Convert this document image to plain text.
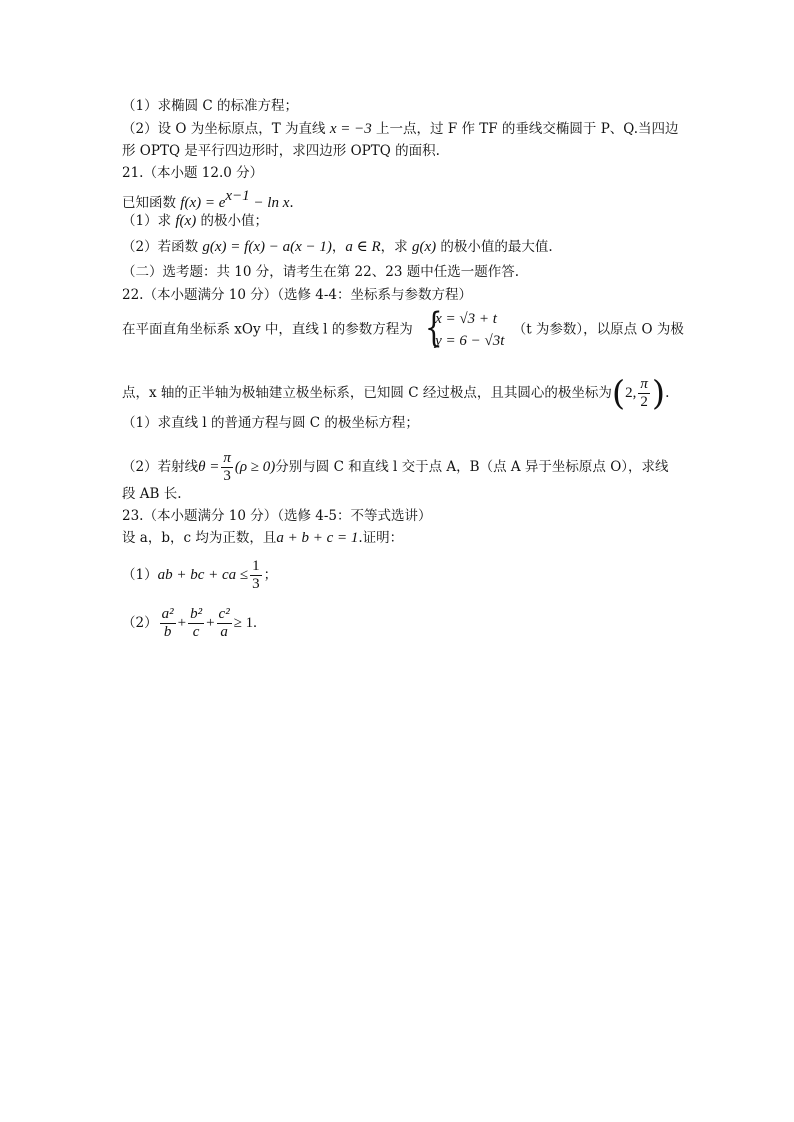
（1）求椭圆 C 的标准方程；
（2）设 O 为坐标原点，T 为直线 x = −3 上一点，过 F 作 TF 的垂线交椭圆于 P、Q.当四边
形 OPTQ 是平行四边形时，求四边形 OPTQ 的面积.
21.（本小题 12.0 分）
已知函数 $f(x) = e^{x-1} - \ln x$.
（1）求 f(x) 的极小值；
（2）若函数 g(x) = f(x) − a(x − 1)，a ∈ R，求 g(x) 的极小值的最大值.
（二）选考题：共 10 分，请考生在第 22、23 题中任选一题作答.
22.（本小题满分 10 分）（选修 4-4：坐标系与参数方程）
在平面直角坐标系 xOy 中，直线 l 的参数方程为 {
x = √3 + t
y = 6 − √3t
（t 为参数），以原点 O 为极
点，x 轴的正半轴为极轴建立极坐标系，已知圆 C 经过极点，且其圆心的极坐标为(2, $\frac{\pi}{2}$ ).
（1）求直线 l 的普通方程与圆 C 的极坐标方程；
（2）若射线$\theta = \frac{\pi}{3} (\rho \ge 0)$分别与圆 C 和直线 l 交于点 A，B（点 A 异于坐标原点 O），求线
段 AB 长.
23.（本小题满分 10 分）（选修 4-5：不等式选讲）
设 a，b，c 均为正数，且a + b + c = 1.证明：
（1）ab + bc + ca ≤ $\frac{1}{3}$ ；
$(2) \frac{\text{a²}}{b} + \frac{\text{b²}}{c} + \frac{\text{c²}}{a} \ge 1$.
